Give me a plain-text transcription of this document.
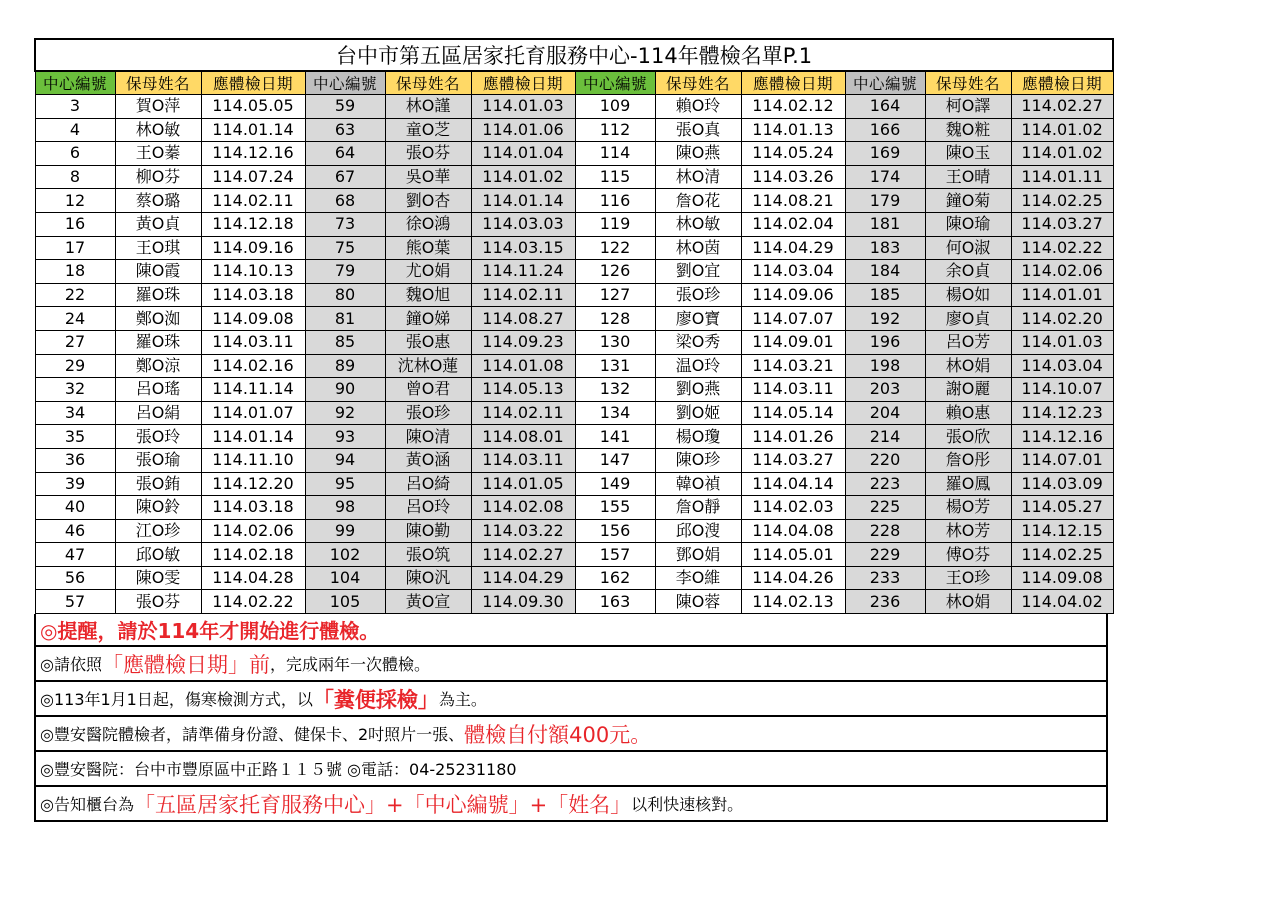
台中市第五區居家托育服務中心-114年體檢名單P.1											
中心編號	保母姓名	應體檢日期	中心編號	保母姓名	應體檢日期	中心編號	保母姓名	應體檢日期	中心編號	保母姓名	應體檢日期
3	賀O萍	114.05.05	59	林O謹	114.01.03	109	賴O玲	114.02.12	164	柯O譯	114.02.27
4	林O敏	114.01.14	63	童O芝	114.01.06	112	張O真	114.01.13	166	魏O粧	114.01.02
6	王O蓁	114.12.16	64	張O芬	114.01.04	114	陳O燕	114.05.24	169	陳O玉	114.01.02
8	柳O芬	114.07.24	67	吳O華	114.01.02	115	林O清	114.03.26	174	王O晴	114.01.11
12	蔡O璐	114.02.11	68	劉O杏	114.01.14	116	詹O花	114.08.21	179	鐘O菊	114.02.25
16	黃O貞	114.12.18	73	徐O鴻	114.03.03	119	林O敏	114.02.04	181	陳O瑜	114.03.27
17	王O琪	114.09.16	75	熊O葉	114.03.15	122	林O茵	114.04.29	183	何O淑	114.02.22
18	陳O霞	114.10.13	79	尤O娟	114.11.24	126	劉O宜	114.03.04	184	余O貞	114.02.06
22	羅O珠	114.03.18	80	魏O旭	114.02.11	127	張O珍	114.09.06	185	楊O如	114.01.01
24	鄭O洳	114.09.08	81	鐘O娣	114.08.27	128	廖O寶	114.07.07	192	廖O貞	114.02.20
27	羅O珠	114.03.11	85	張O惠	114.09.23	130	梁O秀	114.09.01	196	呂O芳	114.01.03
29	鄭O涼	114.02.16	89	沈林O蓮	114.01.08	131	温O玲	114.03.21	198	林O娟	114.03.04
32	呂O瑤	114.11.14	90	曾O君	114.05.13	132	劉O燕	114.03.11	203	謝O麗	114.10.07
34	呂O絹	114.01.07	92	張O珍	114.02.11	134	劉O姬	114.05.14	204	賴O惠	114.12.23
35	張O玲	114.01.14	93	陳O清	114.08.01	141	楊O瓊	114.01.26	214	張O欣	114.12.16
36	張O瑜	114.11.10	94	黃O涵	114.03.11	147	陳O珍	114.03.27	220	詹O彤	114.07.01
39	張O銪	114.12.20	95	呂O綺	114.01.05	149	韓O禎	114.04.14	223	羅O鳳	114.03.09
40	陳O鈴	114.03.18	98	呂O玲	114.02.08	155	詹O靜	114.02.03	225	楊O芳	114.05.27
46	江O珍	114.02.06	99	陳O勤	114.03.22	156	邱O溲	114.04.08	228	林O芳	114.12.15
47	邱O敏	114.02.18	102	張O筑	114.02.27	157	鄧O娟	114.05.01	229	傅O芬	114.02.25
56	陳O雯	114.04.28	104	陳O汎	114.04.29	162	李O維	114.04.26	233	王O珍	114.09.08
57	張O芬	114.02.22	105	黃O宣	114.09.30	163	陳O蓉	114.02.13	236	林O娟	114.04.02
◎提醒，請於114年才開始進行體檢。
◎請依照 「應體檢日期」前 ，完成兩年一次體檢。
◎113年1月1日起，傷寒檢測方式，以 「糞便採檢」 為主。
◎豐安醫院體檢者，請準備身份證、健保卡、2吋照片一張、 體檢自付額400元。
◎豐安醫院：台中市豐原區中正路１１５號 ◎電話：04-25231180
◎告知櫃台為 「五區居家托育服務中心」+「中心編號」+「姓名」 以利快速核對。
